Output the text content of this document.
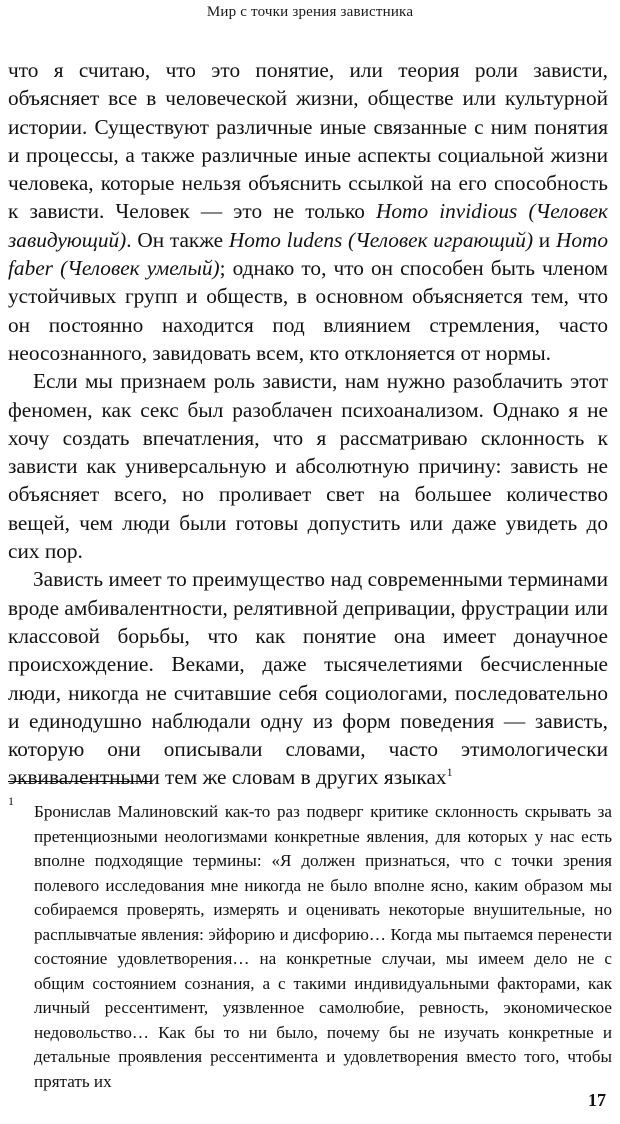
Мир с точки зрения завистника

что я считаю, что это понятие, или теория роли зависти, объясняет все в человеческой жизни, обществе или культурной истории. Существуют различные иные связанные с ним понятия и процессы, а также различные иные аспекты социальной жизни человека, которые нельзя объяснить ссылкой на его способность к зависти. Человек — это не только Homo invidious (Человек завидующий). Он также Homo ludens (Человек играющий) и Homo faber (Человек умелый); однако то, что он способен быть членом устойчивых групп и обществ, в основном объясняется тем, что он постоянно находится под влиянием стремления, часто неосознанного, завидовать всем, кто отклоняется от нормы.

Если мы признаем роль зависти, нам нужно разоблачить этот феномен, как секс был разоблачен психоанализом. Однако я не хочу создать впечатления, что я рассматриваю склонность к зависти как универсальную и абсолютную причину: зависть не объясняет всего, но проливает свет на большее количество вещей, чем люди были готовы допустить или даже увидеть до сих пор.

Зависть имеет то преимущество над современными терминами вроде амбивалентности, релятивной депривации, фрустрации или классовой борьбы, что как понятие она имеет донаучное происхождение. Веками, даже тысячелетиями бесчисленные люди, никогда не считавшие себя социологами, последовательно и единодушно наблюдали одну из форм поведения — зависть, которую они описывали словами, часто этимологически эквивалентными тем же словам в других языках$^1$

1
Бронислав Малиновский как-то раз подверг критике склонность скрывать за претенциозными неологизмами конкретные явления, для которых у нас есть вполне подходящие термины: «Я должен признаться, что с точки зрения полевого исследования мне никогда не было вполне ясно, каким образом мы собираемся проверять, измерять и оценивать некоторые внушительные, но расплывчатые явления: эйфорию и дисфорию… Когда мы пытаемся перенести состояние удовлетворения… на конкретные случаи, мы имеем дело не с общим состоянием сознания, а с такими индивидуальными факторами, как личный рессентимент, уязвленное самолюбие, ревность, экономическое недовольство… Как бы то ни было, почему бы не изучать конкретные и детальные проявления рессентимента и удовлетворения вместо того, чтобы прятать их
17
